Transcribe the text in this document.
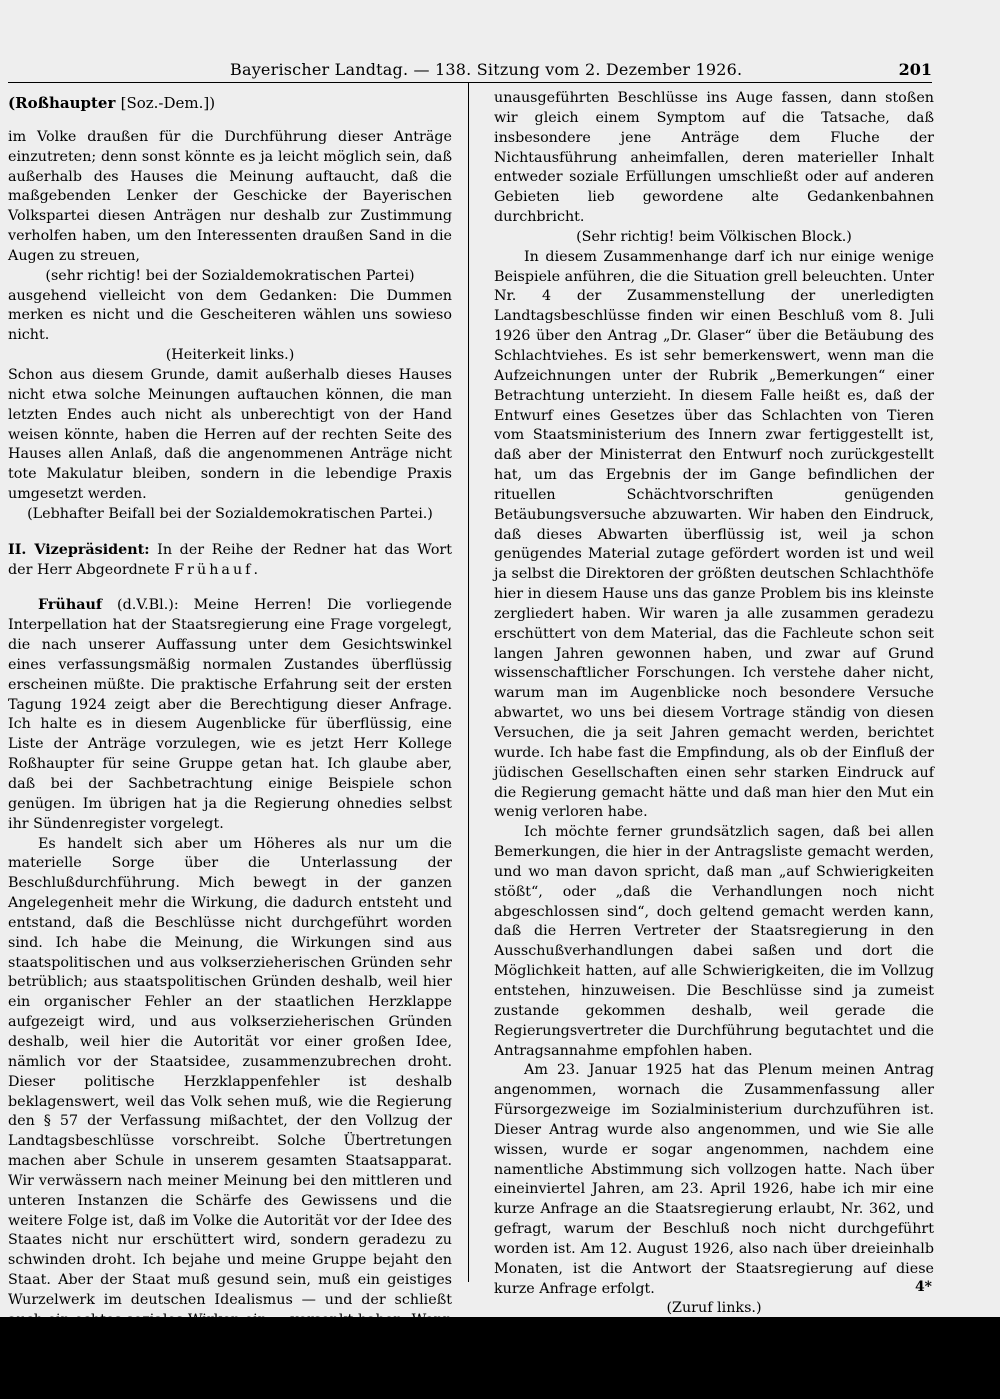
Bayerischer Landtag. — 138. Sitzung vom 2. Dezember 1926.	201

(Roßhaupter [Soz.-Dem.])

im Volke draußen für die Durchführung dieser Anträge einzutreten; denn sonst könnte es ja leicht möglich sein, daß außerhalb des Hauses die Meinung auftaucht, daß die maßgebenden Lenker der Geschicke der Bayerischen Volkspartei diesen Anträgen nur deshalb zur Zustimmung verholfen haben, um den Interessenten draußen Sand in die Augen zu streuen,

(sehr richtig! bei der Sozialdemokratischen Partei)

ausgehend vielleicht von dem Gedanken: Die Dummen merken es nicht und die Gescheiteren wählen uns sowieso nicht.

(Heiterkeit links.)

Schon aus diesem Grunde, damit außerhalb dieses Hauses nicht etwa solche Meinungen auftauchen können, die man letzten Endes auch nicht als unberechtigt von der Hand weisen könnte, haben die Herren auf der rechten Seite des Hauses allen Anlaß, daß die angenommenen Anträge nicht tote Makulatur bleiben, sondern in die lebendige Praxis umgesetzt werden.

(Lebhafter Beifall bei der Sozialdemokratischen Partei.)

II. Vizepräsident: In der Reihe der Redner hat das Wort der Herr Abgeordnete Frühauf.

Frühauf (d.V.Bl.): Meine Herren! Die vorliegende Interpellation hat der Staatsregierung eine Frage vorgelegt, die nach unserer Auffassung unter dem Gesichtswinkel eines verfassungsmäßig normalen Zustandes überflüssig erscheinen müßte. Die praktische Erfahrung seit der ersten Tagung 1924 zeigt aber die Berechtigung dieser Anfrage. Ich halte es in diesem Augenblicke für überflüssig, eine Liste der Anträge vorzulegen, wie es jetzt Herr Kollege Roßhaupter für seine Gruppe getan hat. Ich glaube aber, daß bei der Sachbetrachtung einige Beispiele schon genügen. Im übrigen hat ja die Regierung ohnedies selbst ihr Sündenregister vorgelegt.

Es handelt sich aber um Höheres als nur um die materielle Sorge über die Unterlassung der Beschlußdurchführung. Mich bewegt in der ganzen Angelegenheit mehr die Wirkung, die dadurch entsteht und entstand, daß die Beschlüsse nicht durchgeführt worden sind. Ich habe die Meinung, die Wirkungen sind aus staatspolitischen und aus volkserzieherischen Gründen sehr betrüblich; aus staatspolitischen Gründen deshalb, weil hier ein organischer Fehler an der staatlichen Herzklappe aufgezeigt wird, und aus volkserzieherischen Gründen deshalb, weil hier die Autorität vor einer großen Idee, nämlich vor der Staatsidee, zusammenzubrechen droht. Dieser politische Herzklappenfehler ist deshalb beklagenswert, weil das Volk sehen muß, wie die Regierung den § 57 der Verfassung mißachtet, der den Vollzug der Landtagsbeschlüsse vorschreibt. Solche Übertretungen machen aber Schule in unserem gesamten Staatsapparat. Wir verwässern nach meiner Meinung bei den mittleren und unteren Instanzen die Schärfe des Gewissens und die weitere Folge ist, daß im Volke die Autorität vor der Idee des Staates nicht nur erschüttert wird, sondern geradezu zu schwinden droht. Ich bejahe und meine Gruppe bejaht den Staat. Aber der Staat muß gesund sein, muß ein geistiges Wurzelwerk im deutschen Idealismus — und der schließt auch ein echtes soziales Wirken ein — versenkt haben. Wenn wir Völkischen die Reihe der

unausgeführten Beschlüsse ins Auge fassen, dann stoßen wir gleich einem Symptom auf die Tatsache, daß insbesondere jene Anträge dem Fluche der Nichtausführung anheimfallen, deren materieller Inhalt entweder soziale Erfüllungen umschließt oder auf anderen Gebieten lieb gewordene alte Gedankenbahnen durchbricht.

(Sehr richtig! beim Völkischen Block.)

In diesem Zusammenhange darf ich nur einige wenige Beispiele anführen, die die Situation grell beleuchten. Unter Nr. 4 der Zusammenstellung der unerledigten Landtagsbeschlüsse finden wir einen Beschluß vom 8. Juli 1926 über den Antrag „Dr. Glaser“ über die Betäubung des Schlachtviehes. Es ist sehr bemerkenswert, wenn man die Aufzeichnungen unter der Rubrik „Bemerkungen“ einer Betrachtung unterzieht. In diesem Falle heißt es, daß der Entwurf eines Gesetzes über das Schlachten von Tieren vom Staatsministerium des Innern zwar fertiggestellt ist, daß aber der Ministerrat den Entwurf noch zurückgestellt hat, um das Ergebnis der im Gange befindlichen der rituellen Schächtvorschriften genügenden Betäubungsversuche abzuwarten. Wir haben den Eindruck, daß dieses Abwarten überflüssig ist, weil ja schon genügendes Material zutage gefördert worden ist und weil ja selbst die Direktoren der größten deutschen Schlachthöfe hier in diesem Hause uns das ganze Problem bis ins kleinste zergliedert haben. Wir waren ja alle zusammen geradezu erschüttert von dem Material, das die Fachleute schon seit langen Jahren gewonnen haben, und zwar auf Grund wissenschaftlicher Forschungen. Ich verstehe daher nicht, warum man im Augenblicke noch besondere Versuche abwartet, wo uns bei diesem Vortrage ständig von diesen Versuchen, die ja seit Jahren gemacht werden, berichtet wurde. Ich habe fast die Empfindung, als ob der Einfluß der jüdischen Gesellschaften einen sehr starken Eindruck auf die Regierung gemacht hätte und daß man hier den Mut ein wenig verloren habe.

Ich möchte ferner grundsätzlich sagen, daß bei allen Bemerkungen, die hier in der Antragsliste gemacht werden, und wo man davon spricht, daß man „auf Schwierigkeiten stößt“, oder „daß die Verhandlungen noch nicht abgeschlossen sind“, doch geltend gemacht werden kann, daß die Herren Vertreter der Staatsregierung in den Ausschußverhandlungen dabei saßen und dort die Möglichkeit hatten, auf alle Schwierigkeiten, die im Vollzug entstehen, hinzuweisen. Die Beschlüsse sind ja zumeist zustande gekommen deshalb, weil gerade die Regierungsvertreter die Durchführung begutachtet und die Antragsannahme empfohlen haben.

Am 23. Januar 1925 hat das Plenum meinen Antrag angenommen, wornach die Zusammenfassung aller Fürsorgezweige im Sozialministerium durchzuführen ist. Dieser Antrag wurde also angenommen, und wie Sie alle wissen, wurde er sogar angenommen, nachdem eine namentliche Abstimmung sich vollzogen hatte. Nach über eineinviertel Jahren, am 23. April 1926, habe ich mir eine kurze Anfrage an die Staatsregierung erlaubt, Nr. 362, und gefragt, warum der Beschluß noch nicht durchgeführt worden ist. Am 12. August 1926, also nach über dreieinhalb Monaten, ist die Antwort der Staatsregierung auf diese kurze Anfrage erfolgt.

(Zuruf links.)

Ich bin kein Jurist, habe aber doch die Geschäftsordnung des Landtags zu prüfen vermocht und festgestellt, wie es in § 24 Abs. 2 heißt, daß solche Anfragen binnen drei Wochen

4*
